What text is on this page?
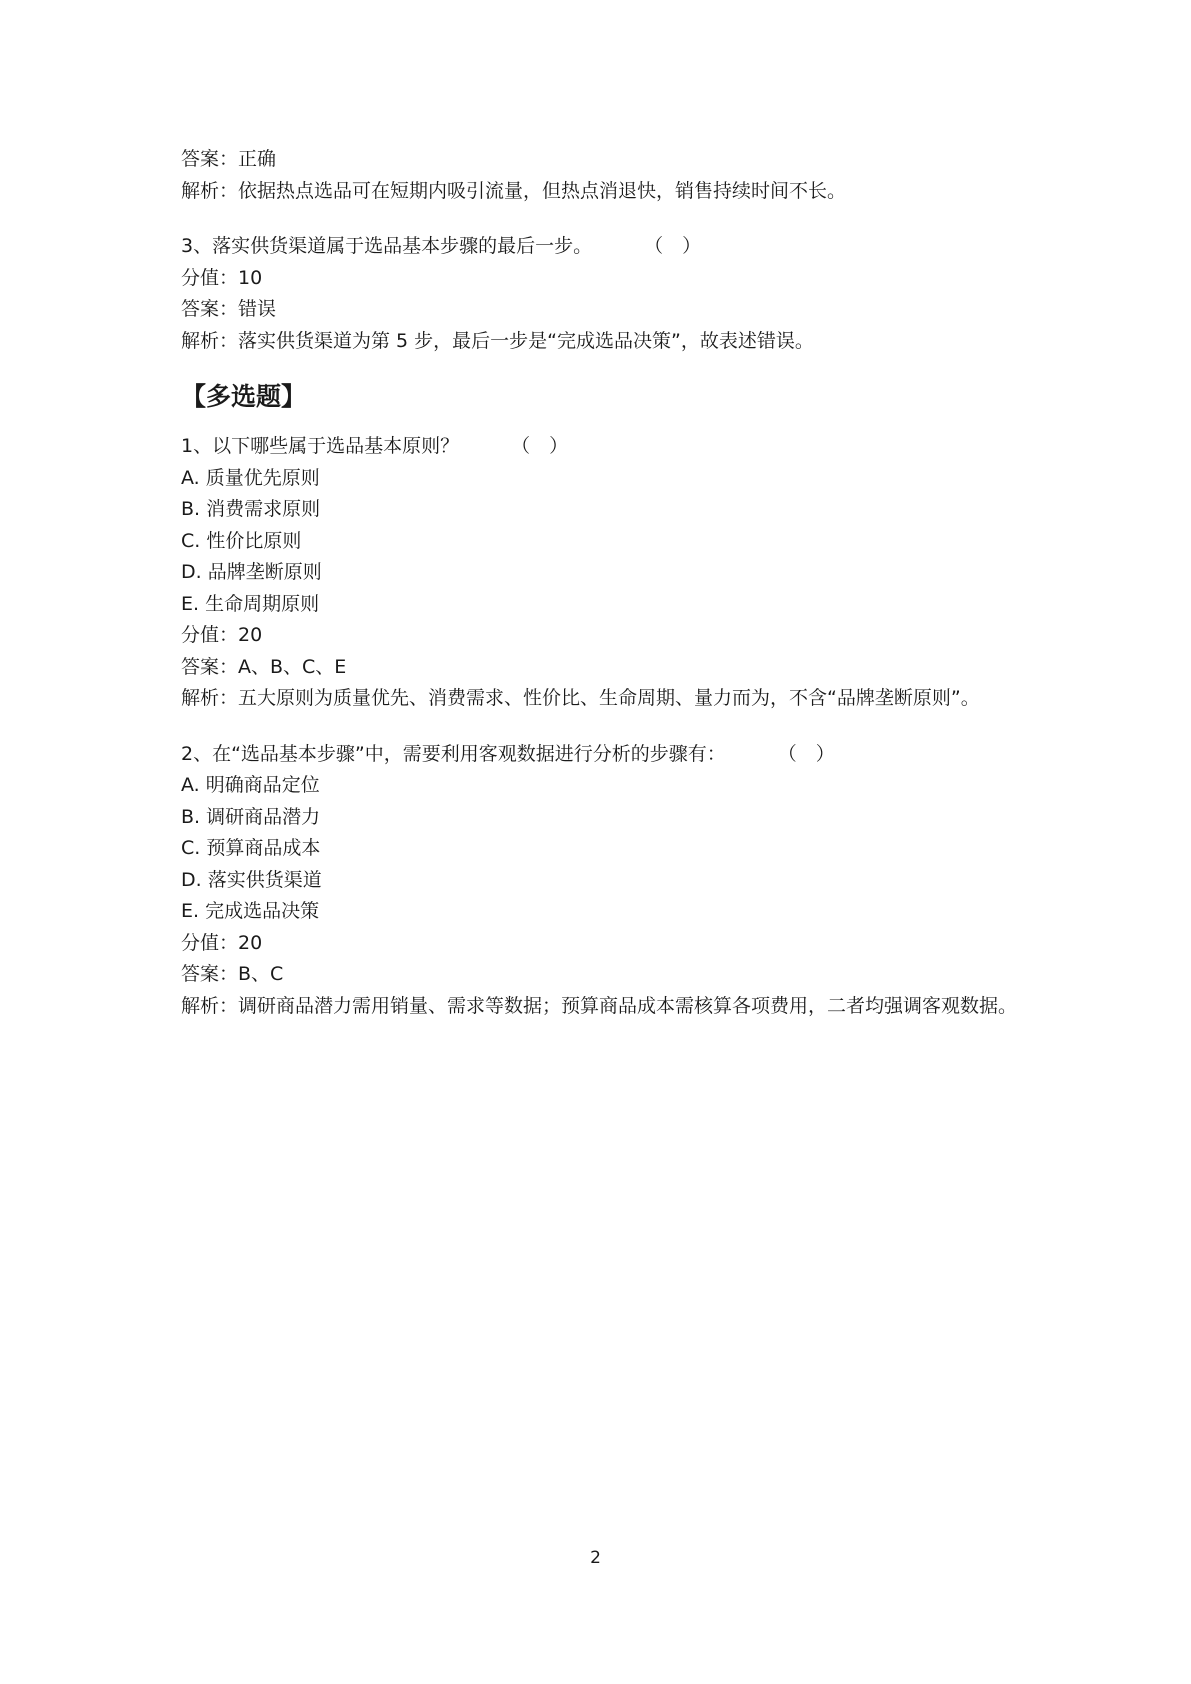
答案：正确
解析：依据热点选品可在短期内吸引流量，但热点消退快，销售持续时间不长。
3、落实供货渠道属于选品基本步骤的最后一步。	（　）
分值：10
答案：错误
解析：落实供货渠道为第 5 步，最后一步是“完成选品决策”，故表述错误。
【多选题】
1、以下哪些属于选品基本原则？	（　）
A. 质量优先原则
B. 消费需求原则
C. 性价比原则
D. 品牌垄断原则
E. 生命周期原则
分值：20
答案：A、B、C、E
解析：五大原则为质量优先、消费需求、性价比、生命周期、量力而为，不含“品牌垄断原则”。
2、在“选品基本步骤”中，需要利用客观数据进行分析的步骤有：	（　）
A. 明确商品定位
B. 调研商品潜力
C. 预算商品成本
D. 落实供货渠道
E. 完成选品决策
分值：20
答案：B、C
解析：调研商品潜力需用销量、需求等数据；预算商品成本需核算各项费用，二者均强调客观数据。
2
